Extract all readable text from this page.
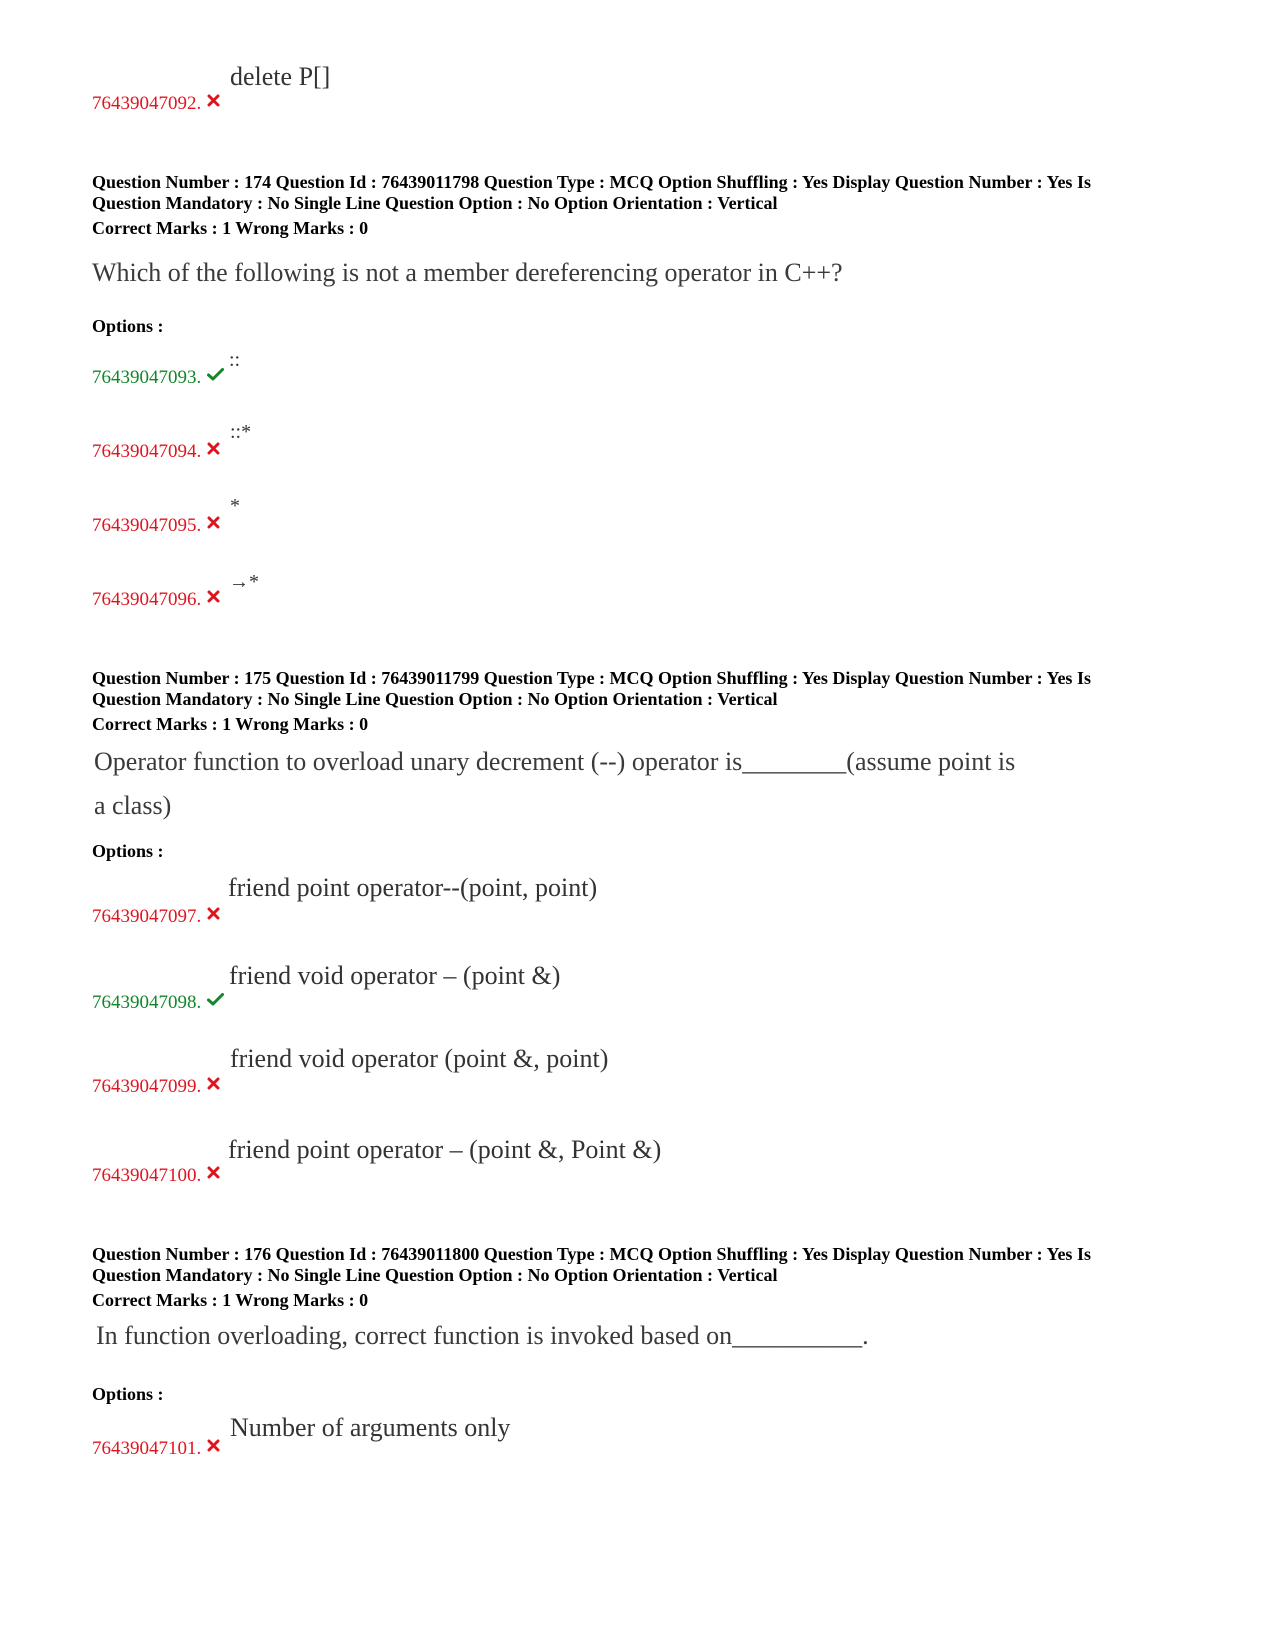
delete P[]
76439047092.
Question Number : 174 Question Id : 76439011798 Question Type : MCQ Option Shuffling : Yes Display Question Number : Yes Is
Question Mandatory : No Single Line Question Option : No Option Orientation : Vertical
Correct Marks : 1 Wrong Marks : 0
Which of the following is not a member dereferencing operator in C++?
Options :
::
76439047093.
::*
76439047094.
*
76439047095.
→*
76439047096.
Question Number : 175 Question Id : 76439011799 Question Type : MCQ Option Shuffling : Yes Display Question Number : Yes Is
Question Mandatory : No Single Line Question Option : No Option Orientation : Vertical
Correct Marks : 1 Wrong Marks : 0
Operator function to overload unary decrement (--) operator is________(assume point is
a class)
Options :
friend point operator--(point, point)
76439047097.
friend void operator – (point &)
76439047098.
friend void operator (point &, point)
76439047099.
friend point operator – (point &, Point &)
76439047100.
Question Number : 176 Question Id : 76439011800 Question Type : MCQ Option Shuffling : Yes Display Question Number : Yes Is
Question Mandatory : No Single Line Question Option : No Option Orientation : Vertical
Correct Marks : 1 Wrong Marks : 0
In function overloading, correct function is invoked based on__________.
Options :
Number of arguments only
76439047101.
